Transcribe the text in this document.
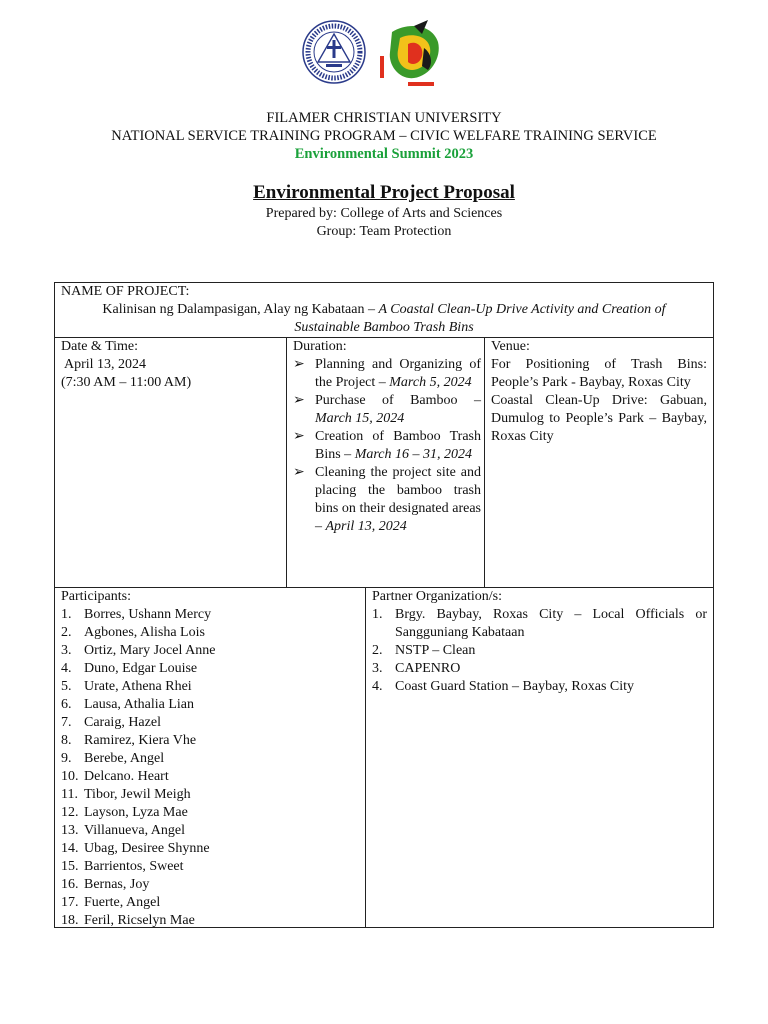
FILAMER CHRISTIAN UNIVERSITY
NATIONAL SERVICE TRAINING PROGRAM – CIVIC WELFARE TRAINING SERVICE
Environmental Summit 2023
Environmental Project Proposal
Prepared by: College of Arts and Sciences
Group: Team Protection
NAME OF PROJECT:
Kalinisan ng Dalampasigan, Alay ng Kabataan – A Coastal Clean-Up Drive Activity and Creation of Sustainable Bamboo Trash Bins
Date & Time:
April 13, 2024
(7:30 AM – 11:00 AM)
Duration:
➢ Planning and Organizing of the Project – March 5, 2024
➢ Purchase of Bamboo – March 15, 2024
➢ Creation of Bamboo Trash Bins – March 16 – 31, 2024
➢ Cleaning the project site and placing the bamboo trash bins on their designated areas – April 13, 2024
Venue:
For Positioning of Trash Bins: People’s Park - Baybay, Roxas City
Coastal Clean-Up Drive: Gabuan, Dumulog to People’s Park – Baybay, Roxas City
Participants:
1. Borres, Ushann Mercy
2. Agbones, Alisha Lois
3. Ortiz, Mary Jocel Anne
4. Duno, Edgar Louise
5. Urate, Athena Rhei
6. Lausa, Athalia Lian
7. Caraig, Hazel
8. Ramirez, Kiera Vhe
9. Berebe, Angel
10. Delcano. Heart
11. Tibor, Jewil Meigh
12. Layson, Lyza Mae
13. Villanueva, Angel
14. Ubag, Desiree Shynne
15. Barrientos, Sweet
16. Bernas, Joy
17. Fuerte, Angel
18. Feril, Ricselyn Mae
Partner Organization/s:
1. Brgy. Baybay, Roxas City – Local Officials or Sangguniang Kabataan
2. NSTP – Clean
3. CAPENRO
4. Coast Guard Station – Baybay, Roxas City
